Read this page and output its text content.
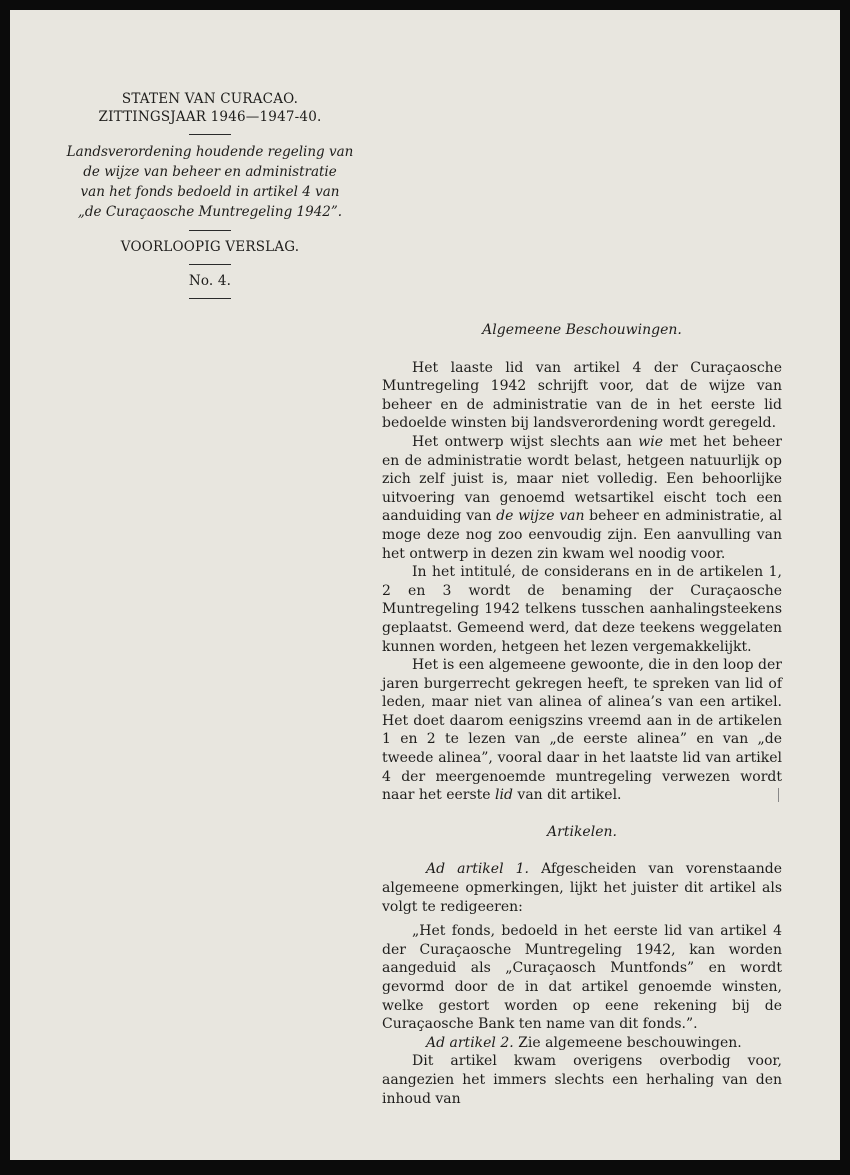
STATEN VAN CURACAO.
ZITTINGSJAAR 1946—1947-40.
Landsverordening houdende regeling van
de wijze van beheer en administratie
van het fonds bedoeld in artikel 4 van
„de Curaçaosche Muntregeling 1942”.
VOORLOOPIG VERSLAG.
No. 4.
Algemeene Beschouwingen.

Het laaste lid van artikel 4 der Curaçaosche Muntregeling 1942 schrijft voor, dat de wijze van beheer en de administratie van de in het eerste lid bedoelde winsten bij landsverordening wordt geregeld.

Het ontwerp wijst slechts aan wie met het beheer en de administratie wordt belast, hetgeen natuurlijk op zich zelf juist is, maar niet volledig. Een behoorlijke uitvoering van genoemd wetsartikel eischt toch een aanduiding van de wijze van beheer en administratie, al moge deze nog zoo eenvoudig zijn. Een aanvulling van het ontwerp in dezen zin kwam wel noodig voor.

In het intitulé, de considerans en in de artikelen 1, 2 en 3 wordt de benaming der Curaçaosche Muntregeling 1942 telkens tusschen aanhalingsteekens geplaatst. Gemeend werd, dat deze teekens weggelaten kunnen worden, hetgeen het lezen vergemakkelijkt.

Het is een algemeene gewoonte, die in den loop der jaren burgerrecht gekregen heeft, te spreken van lid of leden, maar niet van alinea of alinea’s van een artikel. Het doet daarom eenigszins vreemd aan in de artikelen 1 en 2 te lezen van „de eerste alinea” en van „de tweede alinea”, vooral daar in het laatste lid van artikel 4 der meergenoemde muntregeling verwezen wordt naar het eerste lid van dit artikel.

Artikelen.

Ad artikel 1. Afgescheiden van vorenstaande algemeene opmerkingen, lijkt het juister dit artikel als volgt te redigeeren:

„Het fonds, bedoeld in het eerste lid van artikel 4 der Curaçaosche Muntregeling 1942, kan worden aangeduid als „Curaçaosch Muntfonds” en wordt gevormd door de in dat artikel genoemde winsten, welke gestort worden op eene rekening bij de Curaçaosche Bank ten name van dit fonds.”.

Ad artikel 2. Zie algemeene beschouwingen.

Dit artikel kwam overigens overbodig voor, aangezien het immers slechts een herhaling van den inhoud van
